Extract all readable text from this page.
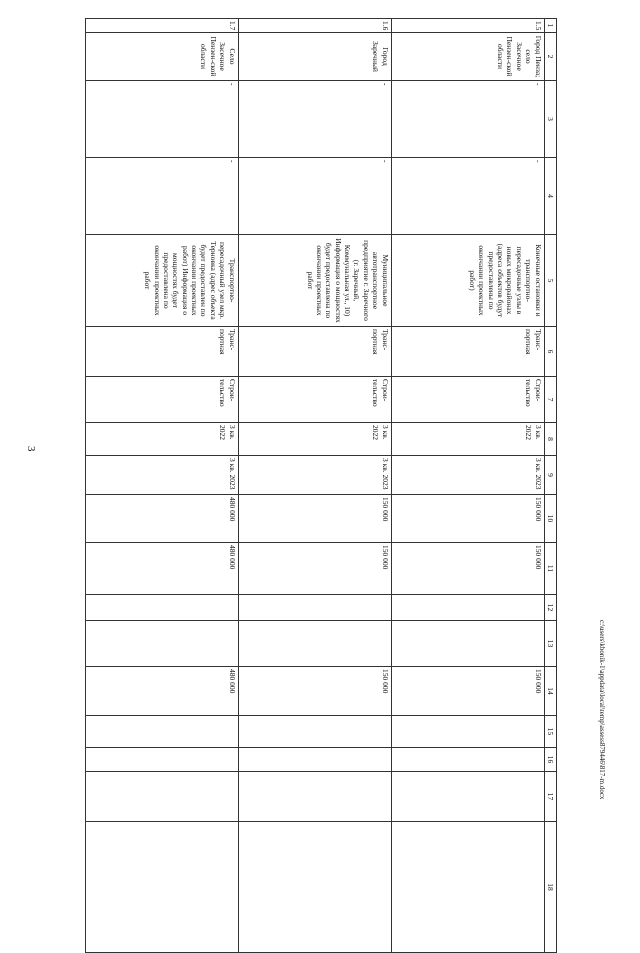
3
1	2	3	4	5	6	7	8	9	10	11	12	13	14	15	16	17	18
1.5	Город Пенза; село Засечное Пензен-ской области	-	-	Конечные остановки и транспортно-пересадочные узлы в новых микрорайонах (адреса объектов будут предоставлены по окончании проектных работ)	Транс-портная	Строи-тельство	3 кв. 2022	3 кв. 2023	150 000	150 000			150 000				
1.6	Город Заречный	-	-	Муниципальное автотранспортное предприятие г. Заречного (г. Заречный, Коммунальная ул., 10) Информация о мощностях будет предоставлена по окончании проектных работ	Транс-портная	Строи-тельство	3 кв. 2022	3 кв. 2023	150 000	150 000			150 000				
1.7	Село Засечное Пензен-ской области	-	-	Транспортно-пересадочный узел мкр. Терновка (адрес объекта будет предоставлен по окончании проектных работ) Информация о мощностях будет предоставлена по окончании проектных работ	Транс-портная	Строи-тельство	3 кв. 2022	3 кв. 2023	480 000	480 000			480 000					c:\users\kbonik-1\appdata\local\temp\assess879446\817-m.docx
